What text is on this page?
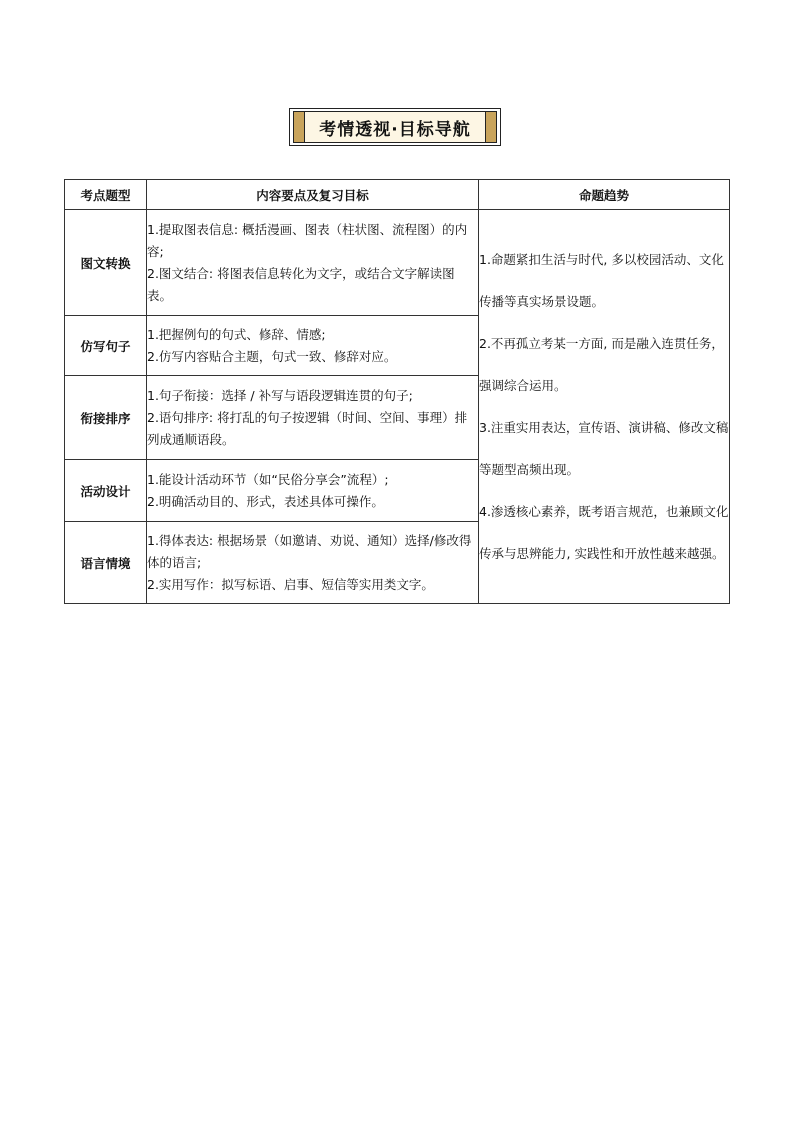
考情透视·目标导航
考点题型	内容要点及复习目标	命题趋势
图文转换	1.提取图表信息: 概括漫画、图表（柱状图、流程图）的内容;
2.图文结合: 将图表信息转化为文字，或结合文字解读图表。	1.命题紧扣生活与时代, 多以校园活动、文化传播等真实场景设题。
2.不再孤立考某一方面, 而是融入连贯任务，强调综合运用。
3.注重实用表达，宣传语、演讲稿、修改文稿等题型高频出现。
4.渗透核心素养，既考语言规范，也兼顾文化传承与思辨能力, 实践性和开放性越来越强。

仿写句子	1.把握例句的句式、修辞、情感;
2.仿写内容贴合主题，句式一致、修辞对应。	

衔接排序	1.句子衔接：选择 / 补写与语段逻辑连贯的句子;
2.语句排序: 将打乱的句子按逻辑（时间、空间、事理）排列成通顺语段。	

活动设计	1.能设计活动环节（如“民俗分享会”流程）;
2.明确活动目的、形式，表述具体可操作。	

语言情境	1.得体表达: 根据场景（如邀请、劝说、通知）选择/修改得体的语言;
2.实用写作：拟写标语、启事、短信等实用类文字。	
